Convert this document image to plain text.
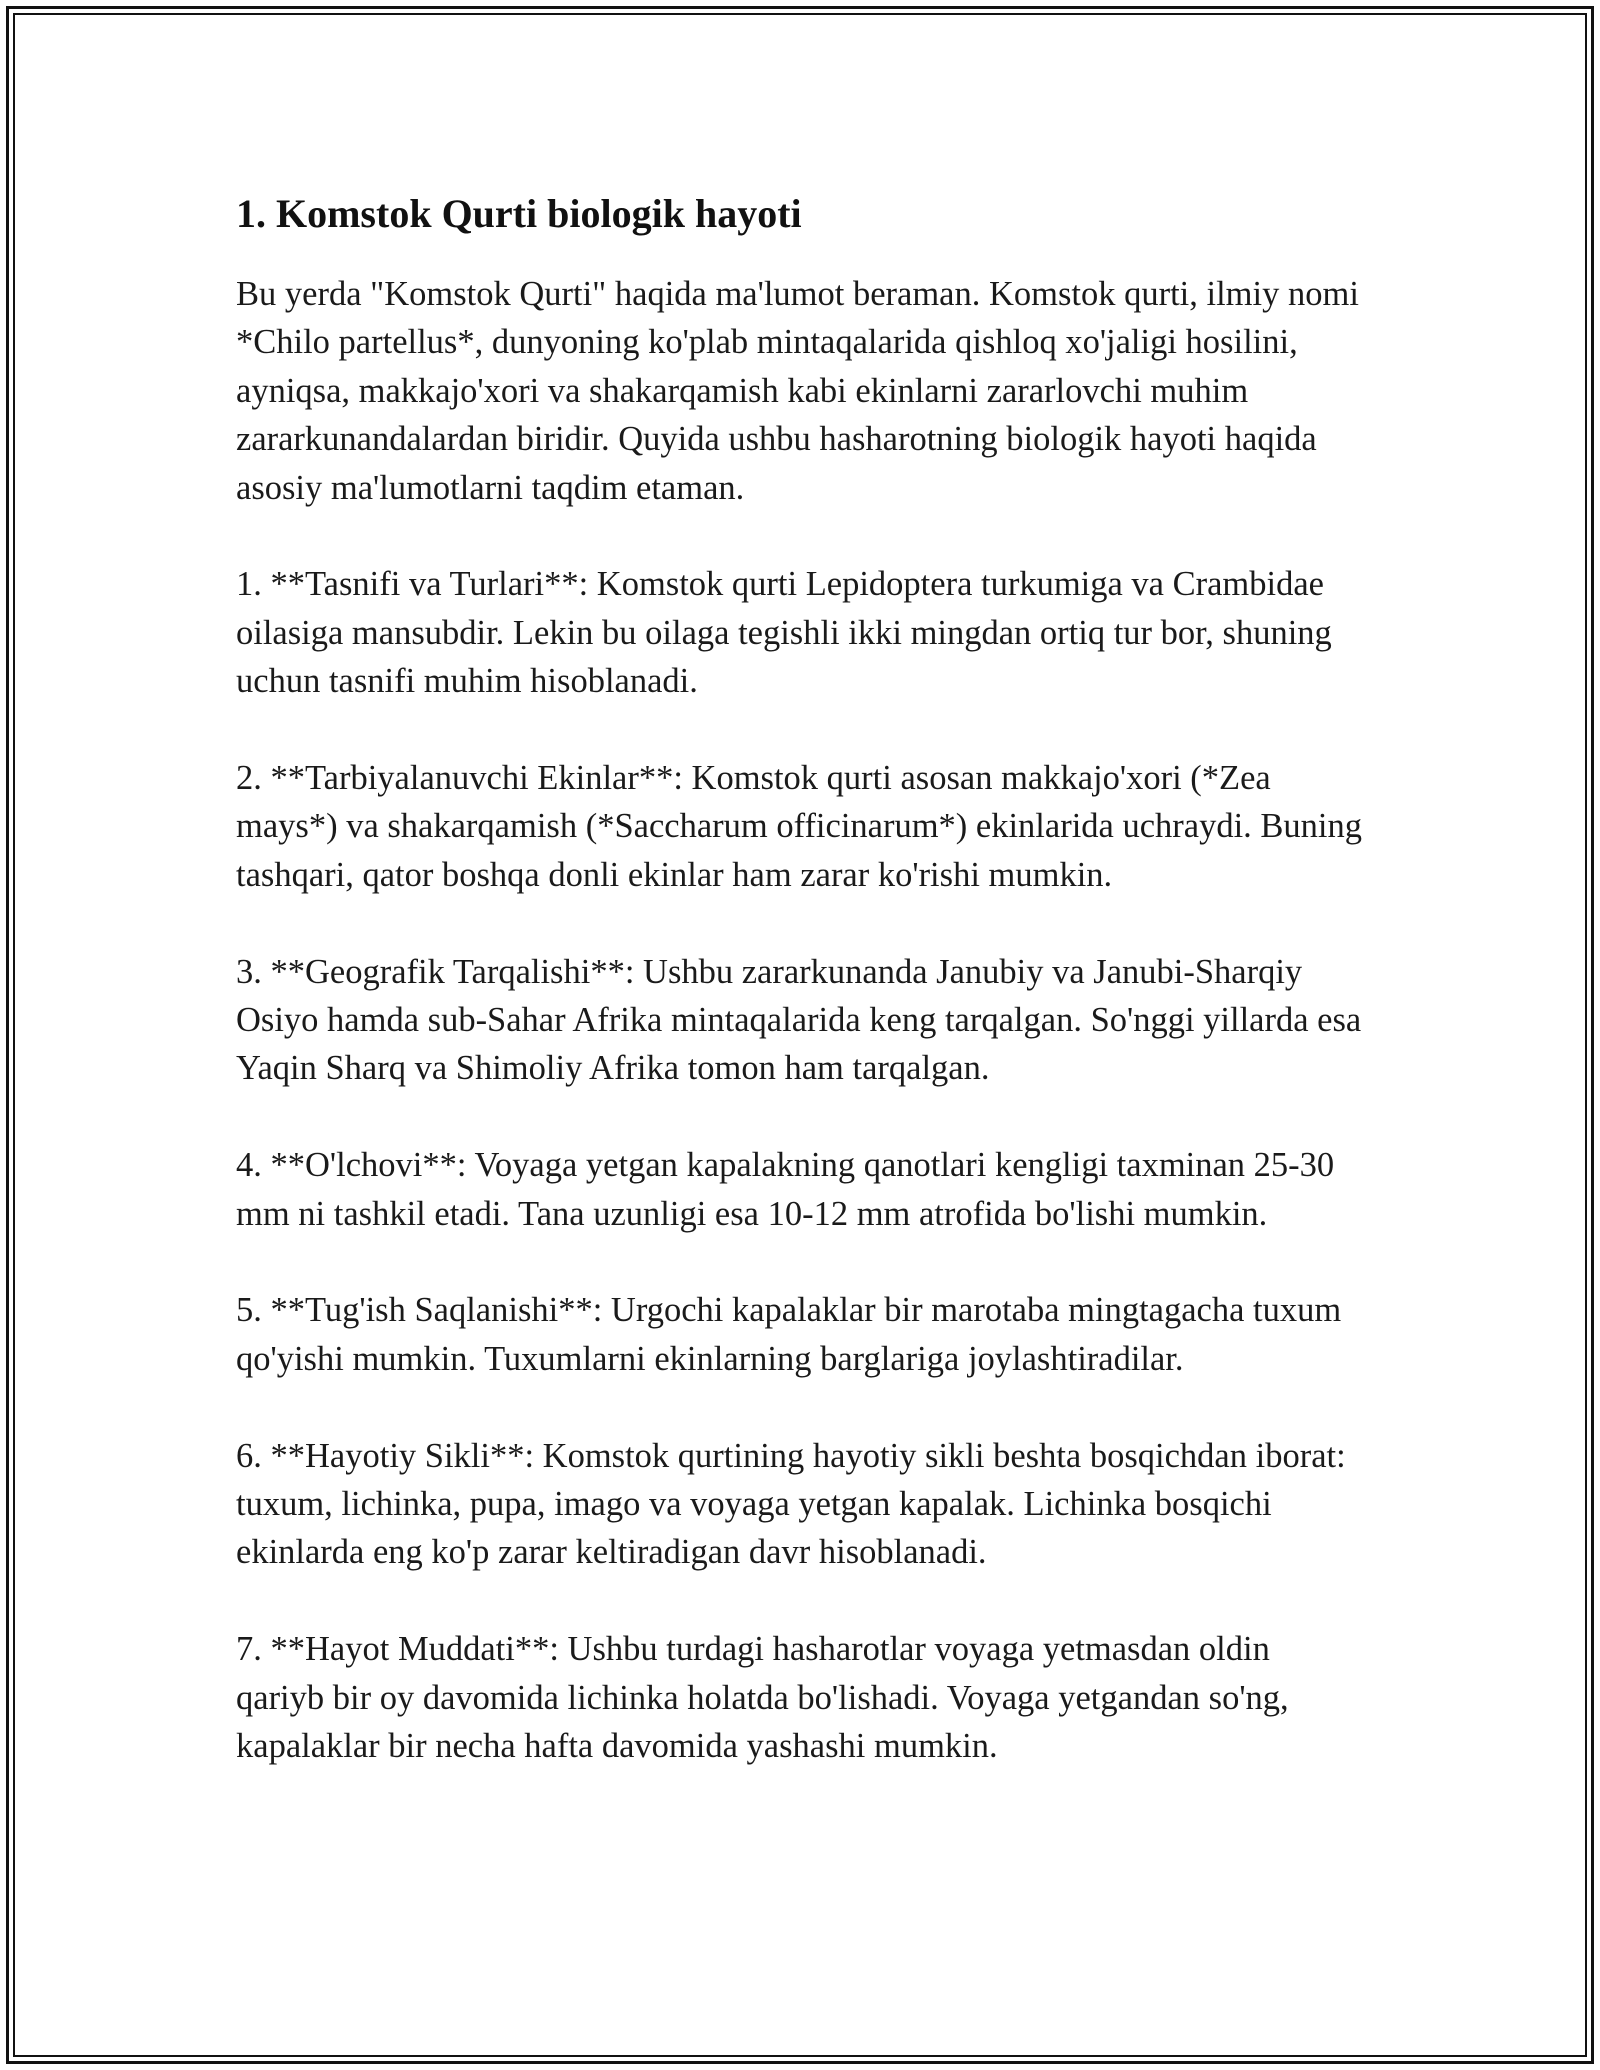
1. Komstok Qurti biologik hayoti

Bu yerda "Komstok Qurti" haqida ma'lumot beraman. Komstok qurti, ilmiy nomi *Chilo partellus*, dunyoning ko'plab mintaqalarida qishloq xo'jaligi hosilini, ayniqsa, makkajo'xori va shakarqamish kabi ekinlarni zararlovchi muhim zararkunandalardan biridir. Quyida ushbu hasharotning biologik hayoti haqida asosiy ma'lumotlarni taqdim etaman.

1. **Tasnifi va Turlari**: Komstok qurti Lepidoptera turkumiga va Crambidae oilasiga mansubdir. Lekin bu oilaga tegishli ikki mingdan ortiq tur bor, shuning uchun tasnifi muhim hisoblanadi.

2. **Tarbiyalanuvchi Ekinlar**: Komstok qurti asosan makkajo'xori (*Zea mays*) va shakarqamish (*Saccharum officinarum*) ekinlarida uchraydi. Buning tashqari, qator boshqa donli ekinlar ham zarar ko'rishi mumkin.

3. **Geografik Tarqalishi**: Ushbu zararkunanda Janubiy va Janubi-Sharqiy Osiyo hamda sub-Sahar Afrika mintaqalarida keng tarqalgan. So'nggi yillarda esa Yaqin Sharq va Shimoliy Afrika tomon ham tarqalgan.

4. **O'lchovi**: Voyaga yetgan kapalakning qanotlari kengligi taxminan 25-30 mm ni tashkil etadi. Tana uzunligi esa 10-12 mm atrofida bo'lishi mumkin.

5. **Tug'ish Saqlanishi**: Urgochi kapalaklar bir marotaba mingtagacha tuxum qo'yishi mumkin. Tuxumlarni ekinlarning barglariga joylashtiradilar.

6. **Hayotiy Sikli**: Komstok qurtining hayotiy sikli beshta bosqichdan iborat: tuxum, lichinka, pupa, imago va voyaga yetgan kapalak. Lichinka bosqichi ekinlarda eng ko'p zarar keltiradigan davr hisoblanadi.

7. **Hayot Muddati**: Ushbu turdagi hasharotlar voyaga yetmasdan oldin qariyb bir oy davomida lichinka holatda bo'lishadi. Voyaga yetgandan so'ng, kapalaklar bir necha hafta davomida yashashi mumkin.
